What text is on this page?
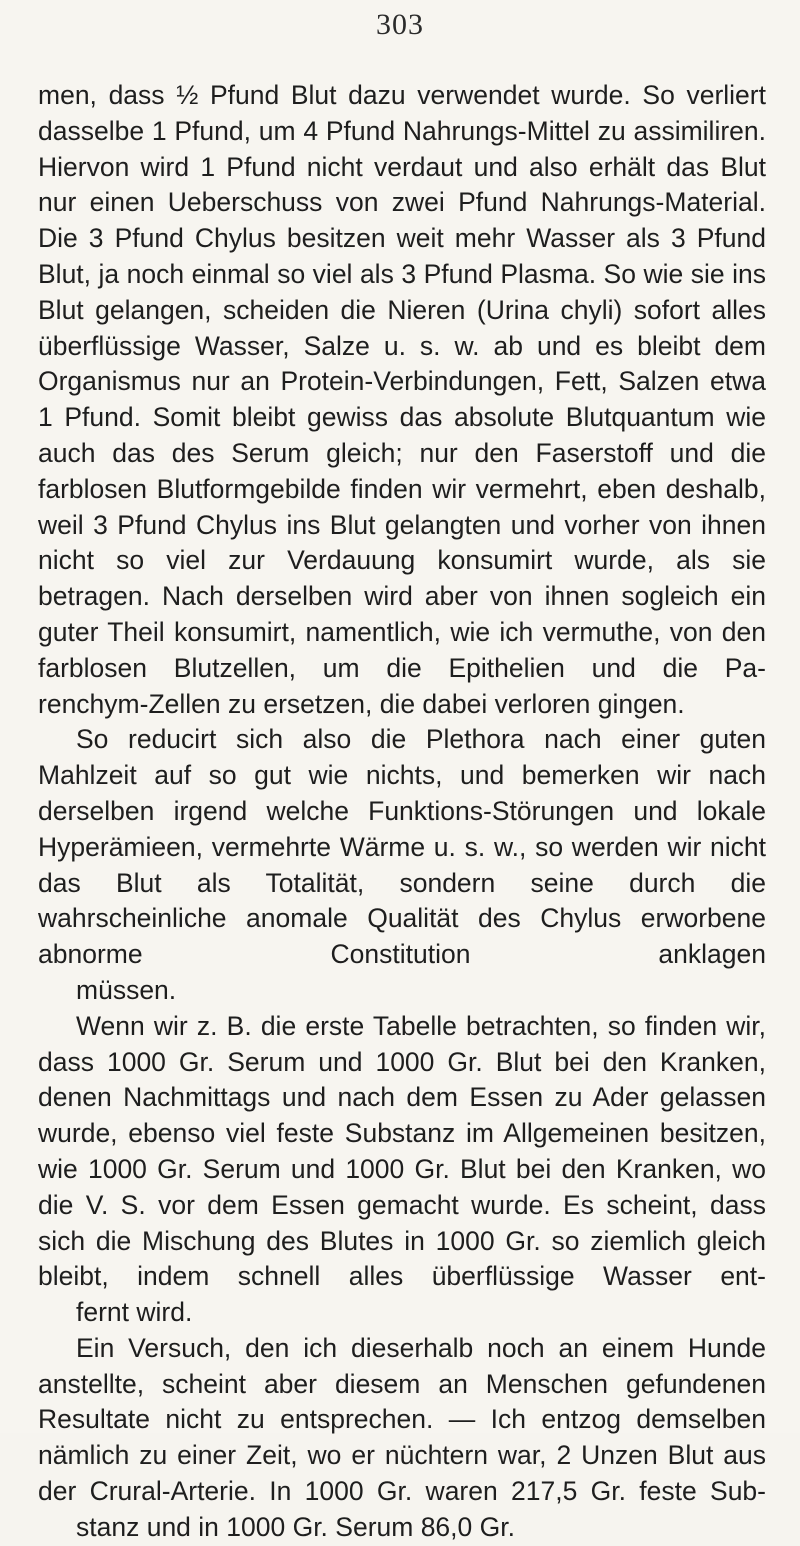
303

men, dass ½ Pfund Blut dazu verwendet wurde. So verliert dasselbe 1 Pfund, um 4 Pfund Nahrungs-Mittel zu assimiliren. Hiervon wird 1 Pfund nicht verdaut und also erhält das Blut nur einen Ueberschuss von zwei Pfund Nahrungs-Material. Die 3 Pfund Chylus besitzen weit mehr Wasser als 3 Pfund Blut, ja noch einmal so viel als 3 Pfund Plasma. So wie sie ins Blut gelangen, scheiden die Nieren (Urina chyli) sofort alles überflüssige Wasser, Salze u. s. w. ab und es bleibt dem Organismus nur an Protein-Verbindungen, Fett, Salzen etwa 1 Pfund. Somit bleibt gewiss das absolute Blutquantum wie auch das des Serum gleich; nur den Faserstoff und die farblosen Blutformgebilde finden wir vermehrt, eben deshalb, weil 3 Pfund Chylus ins Blut gelangten und vorher von ihnen nicht so viel zur Verdauung konsumirt wurde, als sie betragen. Nach derselben wird aber von ihnen sogleich ein guter Theil konsumirt, namentlich, wie ich vermuthe, von den farblosen Blutzellen, um die Epithelien und die Pa-
renchym-Zellen zu ersetzen, die dabei verloren gingen.

So reducirt sich also die Plethora nach einer guten Mahlzeit auf so gut wie nichts, und bemerken wir nach derselben irgend welche Funktions-Störungen und lokale Hyperämieen, vermehrte Wärme u. s. w., so werden wir nicht das Blut als Totalität, sondern seine durch die wahrscheinliche anomale Qualität des Chylus erworbene abnorme Constitution anklagen
müssen.

Wenn wir z. B. die erste Tabelle betrachten, so finden wir, dass 1000 Gr. Serum und 1000 Gr. Blut bei den Kranken, denen Nachmittags und nach dem Essen zu Ader gelassen wurde, ebenso viel feste Substanz im Allgemeinen besitzen, wie 1000 Gr. Serum und 1000 Gr. Blut bei den Kranken, wo die V. S. vor dem Essen gemacht wurde. Es scheint, dass sich die Mischung des Blutes in 1000 Gr. so ziemlich gleich bleibt, indem schnell alles überflüssige Wasser ent-
fernt wird.

Ein Versuch, den ich dieserhalb noch an einem Hunde anstellte, scheint aber diesem an Menschen gefundenen Resultate nicht zu entsprechen. — Ich entzog demselben nämlich zu einer Zeit, wo er nüchtern war, 2 Unzen Blut aus der Crural-Arterie. In 1000 Gr. waren 217,5 Gr. feste Sub-
stanz und in 1000 Gr. Serum 86,0 Gr.
